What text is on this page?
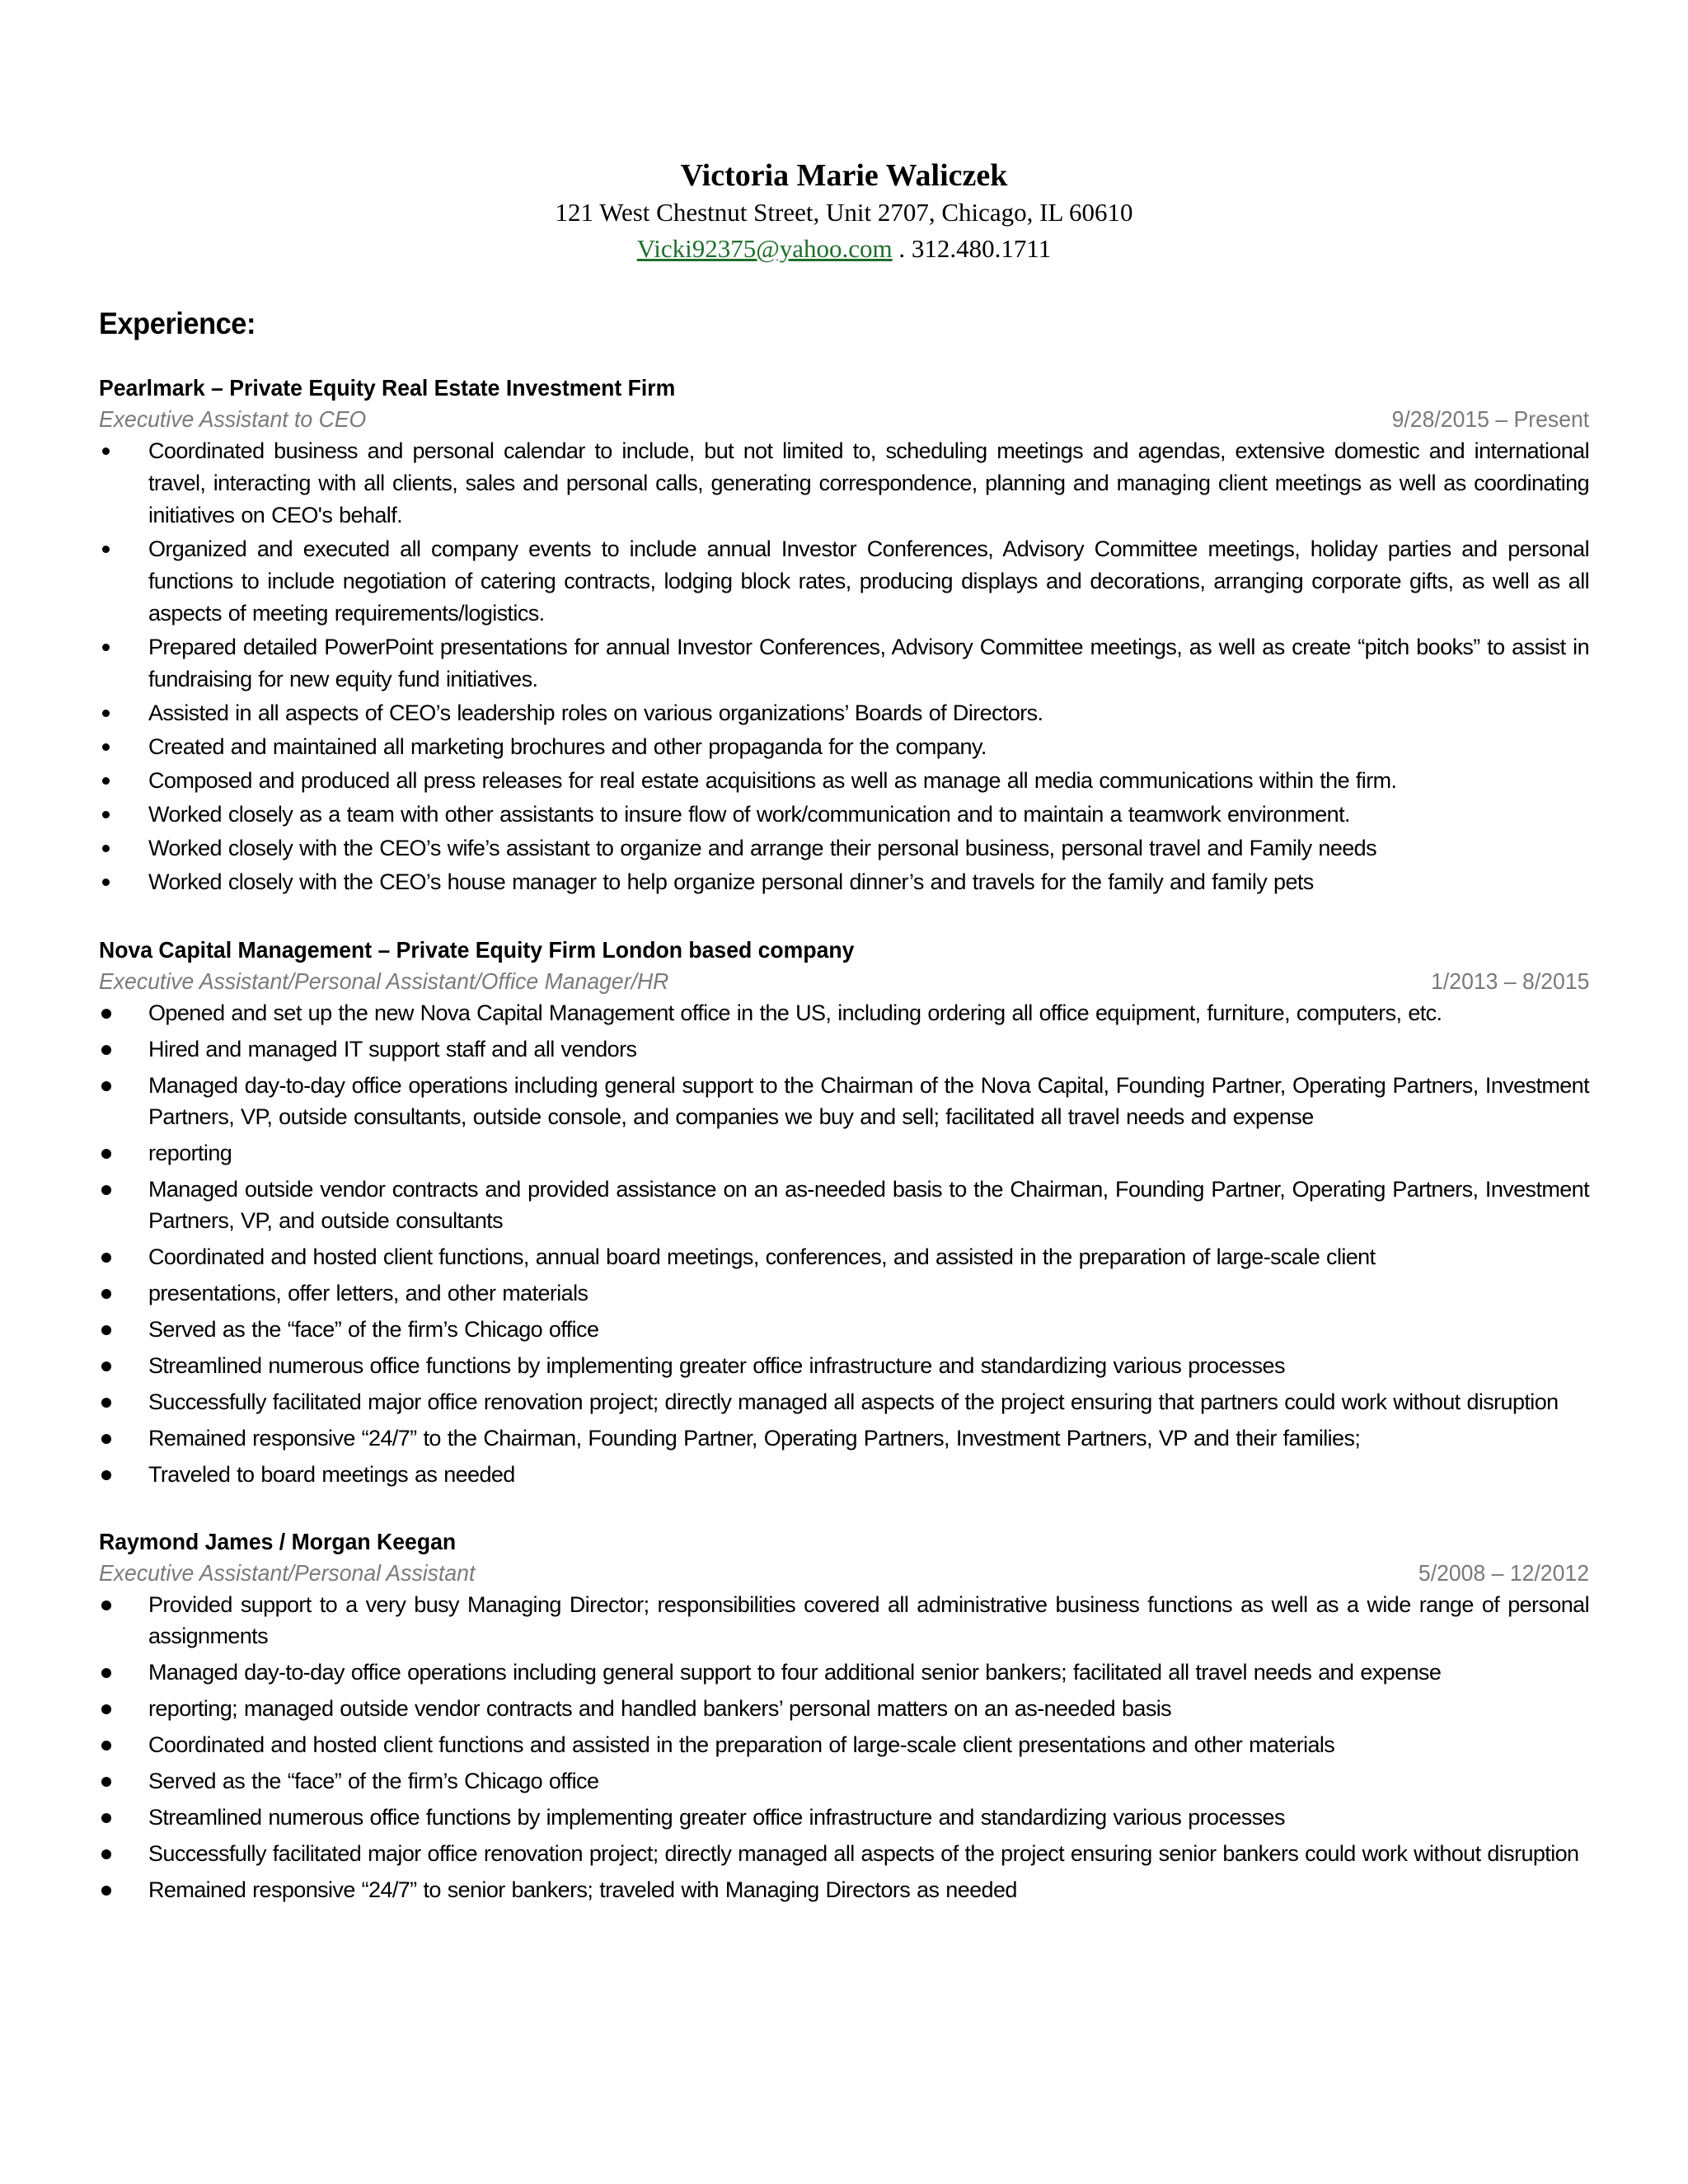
Victoria Marie Waliczek
121 West Chestnut Street, Unit 2707, Chicago, IL 60610
Vicki92375@yahoo.com . 312.480.1711
Experience:
Pearlmark – Private Equity Real Estate Investment Firm
Executive Assistant to CEO	9/28/2015 – Present
Coordinated business and personal calendar to include, but not limited to, scheduling meetings and agendas, extensive domestic and international travel, interacting with all clients, sales and personal calls, generating correspondence, planning and managing client meetings as well as coordinating initiatives on CEO's behalf.
Organized and executed all company events to include annual Investor Conferences, Advisory Committee meetings, holiday parties and personal functions to include negotiation of catering contracts, lodging block rates, producing displays and decorations, arranging corporate gifts, as well as all aspects of meeting requirements/logistics.
Prepared detailed PowerPoint presentations for annual Investor Conferences, Advisory Committee meetings, as well as create “pitch books” to assist in fundraising for new equity fund initiatives.
Assisted in all aspects of CEO’s leadership roles on various organizations’ Boards of Directors.
Created and maintained all marketing brochures and other propaganda for the company.
Composed and produced all press releases for real estate acquisitions as well as manage all media communications within the firm.
Worked closely as a team with other assistants to insure flow of work/communication and to maintain a teamwork environment.
Worked closely with the CEO’s wife’s assistant to organize and arrange their personal business, personal travel and Family needs
Worked closely with the CEO’s house manager to help organize personal dinner’s and travels for the family and family pets
Nova Capital Management – Private Equity Firm London based company
Executive Assistant/Personal Assistant/Office Manager/HR	1/2013 – 8/2015
Opened and set up the new Nova Capital Management office in the US, including ordering all office equipment, furniture, computers, etc.
Hired and managed IT support staff and all vendors
Managed day-to-day office operations including general support to the Chairman of the Nova Capital, Founding Partner, Operating Partners, Investment Partners, VP, outside consultants, outside console, and companies we buy and sell; facilitated all travel needs and expense
reporting
Managed outside vendor contracts and provided assistance on an as-needed basis to the Chairman, Founding Partner, Operating Partners, Investment Partners, VP, and outside consultants
Coordinated and hosted client functions, annual board meetings, conferences, and assisted in the preparation of large-scale client
presentations, offer letters, and other materials
Served as the “face” of the firm’s Chicago office
Streamlined numerous office functions by implementing greater office infrastructure and standardizing various processes
Successfully facilitated major office renovation project; directly managed all aspects of the project ensuring that partners could work without disruption
Remained responsive “24/7” to the Chairman, Founding Partner, Operating Partners, Investment Partners, VP and their families;
Traveled to board meetings as needed
Raymond James / Morgan Keegan
Executive Assistant/Personal Assistant	5/2008 – 12/2012
Provided support to a very busy Managing Director; responsibilities covered all administrative business functions as well as a wide range of personal assignments
Managed day-to-day office operations including general support to four additional senior bankers; facilitated all travel needs and expense
reporting; managed outside vendor contracts and handled bankers’ personal matters on an as-needed basis
Coordinated and hosted client functions and assisted in the preparation of large-scale client presentations and other materials
Served as the “face” of the firm’s Chicago office
Streamlined numerous office functions by implementing greater office infrastructure and standardizing various processes
Successfully facilitated major office renovation project; directly managed all aspects of the project ensuring senior bankers could work without disruption
Remained responsive “24/7” to senior bankers; traveled with Managing Directors as needed
